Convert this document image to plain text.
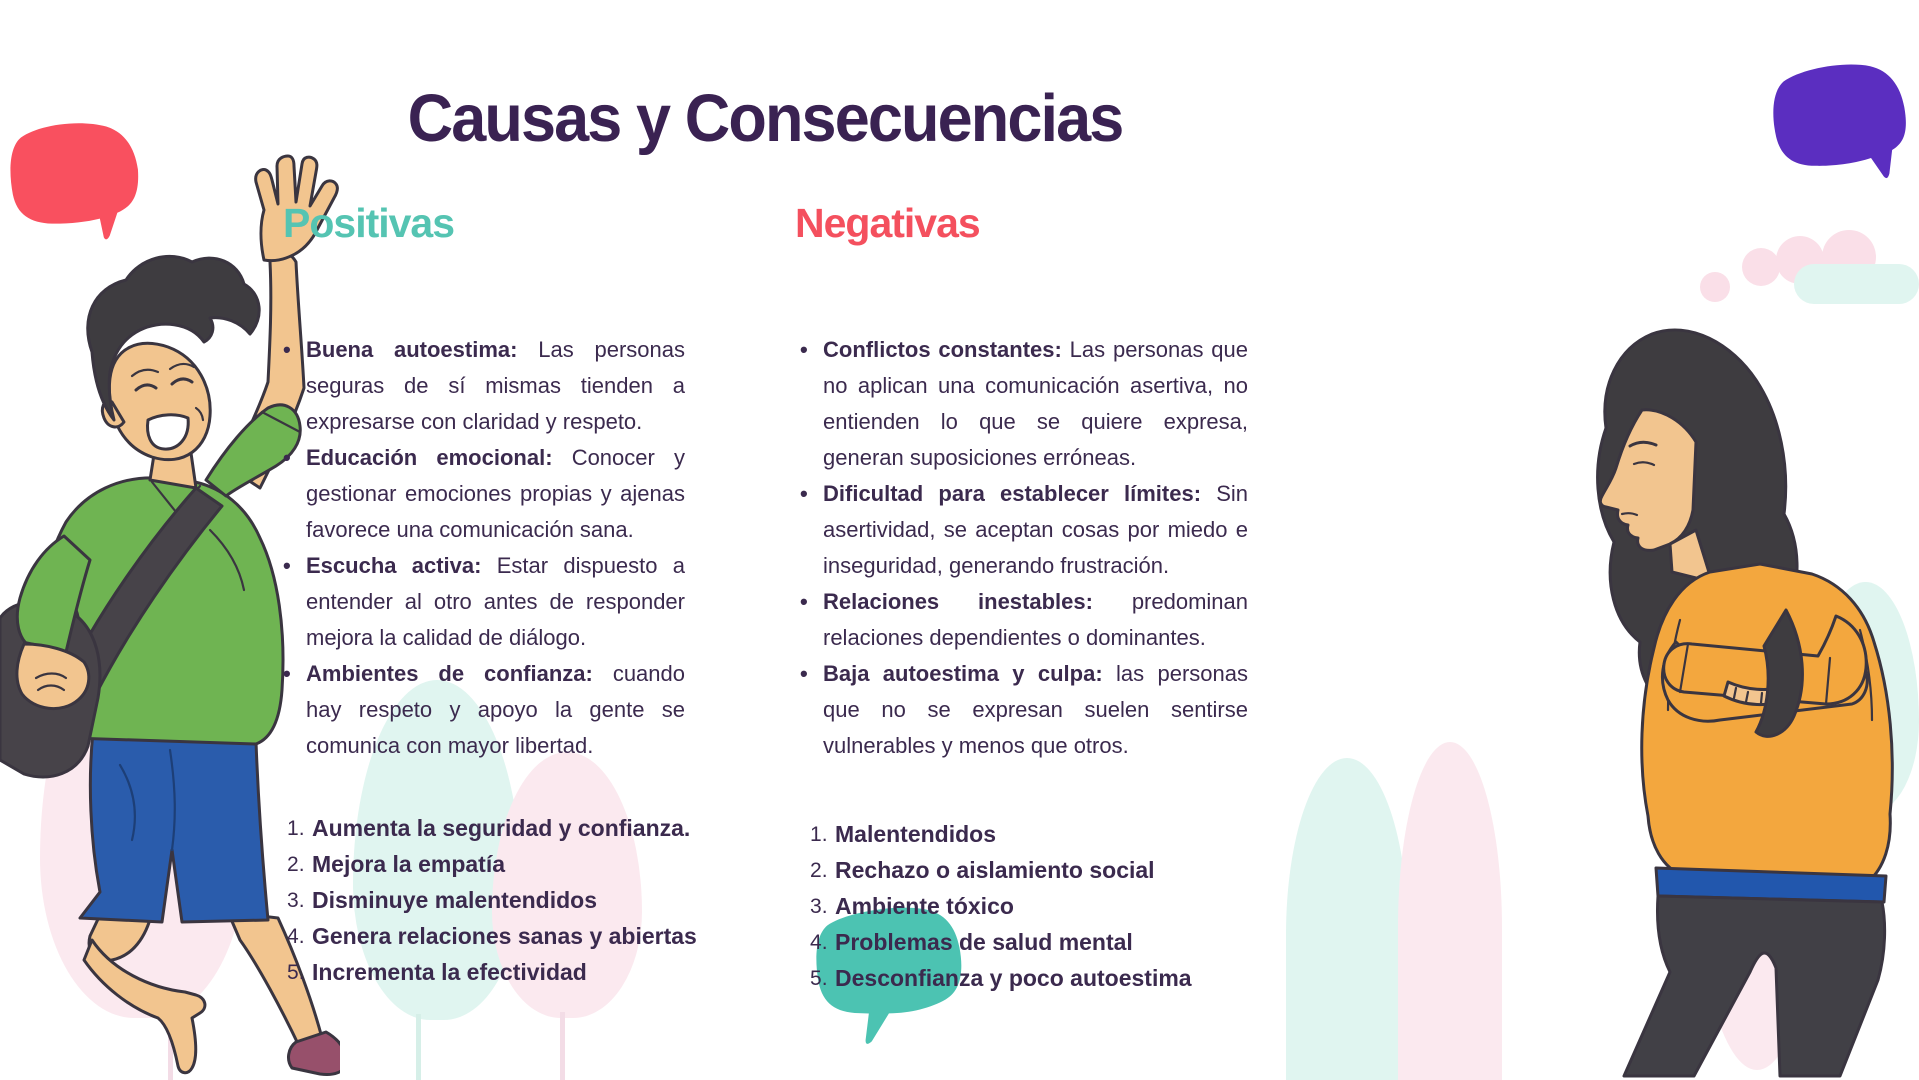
Causas y Consecuencias
Positivas
• Buena autoestima: Las personas seguras de sí mismas tienden a expresarse con claridad y respeto.
• Educación emocional: Conocer y gestionar emociones propias y ajenas favorece una comunicación sana.
• Escucha activa: Estar dispuesto a entender al otro antes de responder mejora la calidad de diálogo.
• Ambientes de confianza: cuando hay respeto y apoyo la gente se comunica con mayor libertad.
Aumenta la seguridad y confianza.
Mejora la empatía
Disminuye malentendidos
Genera relaciones sanas y abiertas
Incrementa la efectividad
Negativas
• Conflictos constantes: Las personas que no aplican una comunicación asertiva, no entienden lo que se quiere expresa, generan suposiciones erróneas.
• Dificultad para establecer límites: Sin asertividad, se aceptan cosas por miedo e inseguridad, generando frustración.
• Relaciones inestables: predominan relaciones dependientes o dominantes.
• Baja autoestima y culpa: las personas que no se expresan suelen sentirse vulnerables y menos que otros.
Malentendidos
Rechazo o aislamiento social
Ambiente tóxico
Problemas de salud mental
Desconfianza y poco autoestima
